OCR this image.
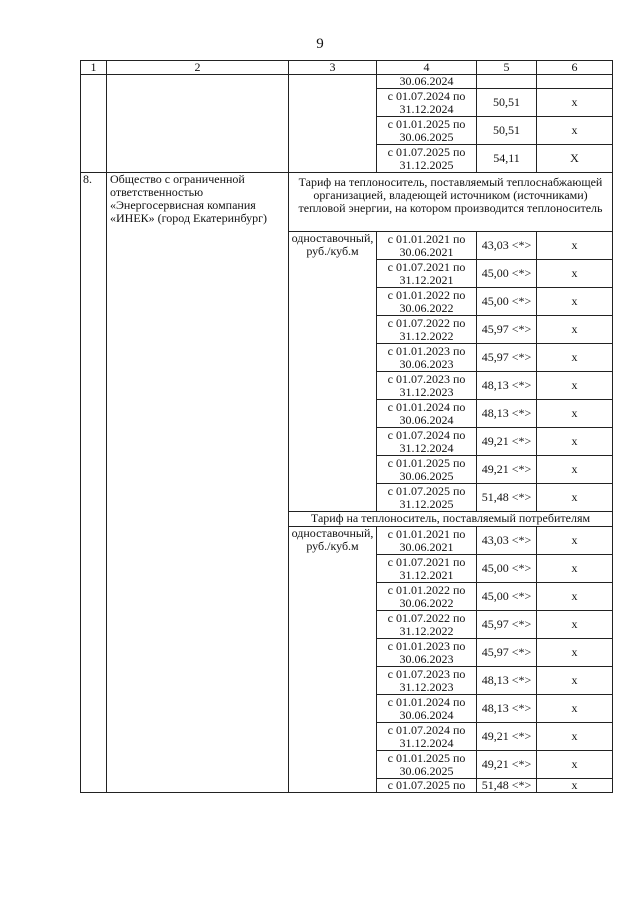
9
1	2	3	4	5	6
			30.06.2024		
			с 01.07.2024 по 31.12.2024	50,51	х
			с 01.01.2025 по 30.06.2025	50,51	х
			с 01.07.2025 по 31.12.2025	54,11	Х
8.	Общество с ограниченной ответственностью «Энергосервисная компания «ИНЕК» (город Екатеринбург)	Тариф на теплоноситель, поставляемый теплоснабжающей организацией, владеющей источником (источниками) тепловой энергии, на котором производится теплоноситель			
		одноставочный, руб./куб.м	с 01.01.2021 по 30.06.2021	43,03 <*>	х
			с 01.07.2021 по 31.12.2021	45,00 <*>	х
			с 01.01.2022 по 30.06.2022	45,00 <*>	х
			с 01.07.2022 по 31.12.2022	45,97 <*>	х
			с 01.01.2023 по 30.06.2023	45,97 <*>	х
			с 01.07.2023 по 31.12.2023	48,13 <*>	х
			с 01.01.2024 по 30.06.2024	48,13 <*>	х
			с 01.07.2024 по 31.12.2024	49,21 <*>	х
			с 01.01.2025 по 30.06.2025	49,21 <*>	х
			с 01.07.2025 по 31.12.2025	51,48 <*>	х
		Тариф на теплоноситель, поставляемый потребителям			
		одноставочный, руб./куб.м	с 01.01.2021 по 30.06.2021	43,03 <*>	х
			с 01.07.2021 по 31.12.2021	45,00 <*>	х
			с 01.01.2022 по 30.06.2022	45,00 <*>	х
			с 01.07.2022 по 31.12.2022	45,97 <*>	х
			с 01.01.2023 по 30.06.2023	45,97 <*>	х
			с 01.07.2023 по 31.12.2023	48,13 <*>	х
			с 01.01.2024 по 30.06.2024	48,13 <*>	х
			с 01.07.2024 по 31.12.2024	49,21 <*>	х
			с 01.01.2025 по 30.06.2025	49,21 <*>	х
			с 01.07.2025 по	51,48 <*>	х
